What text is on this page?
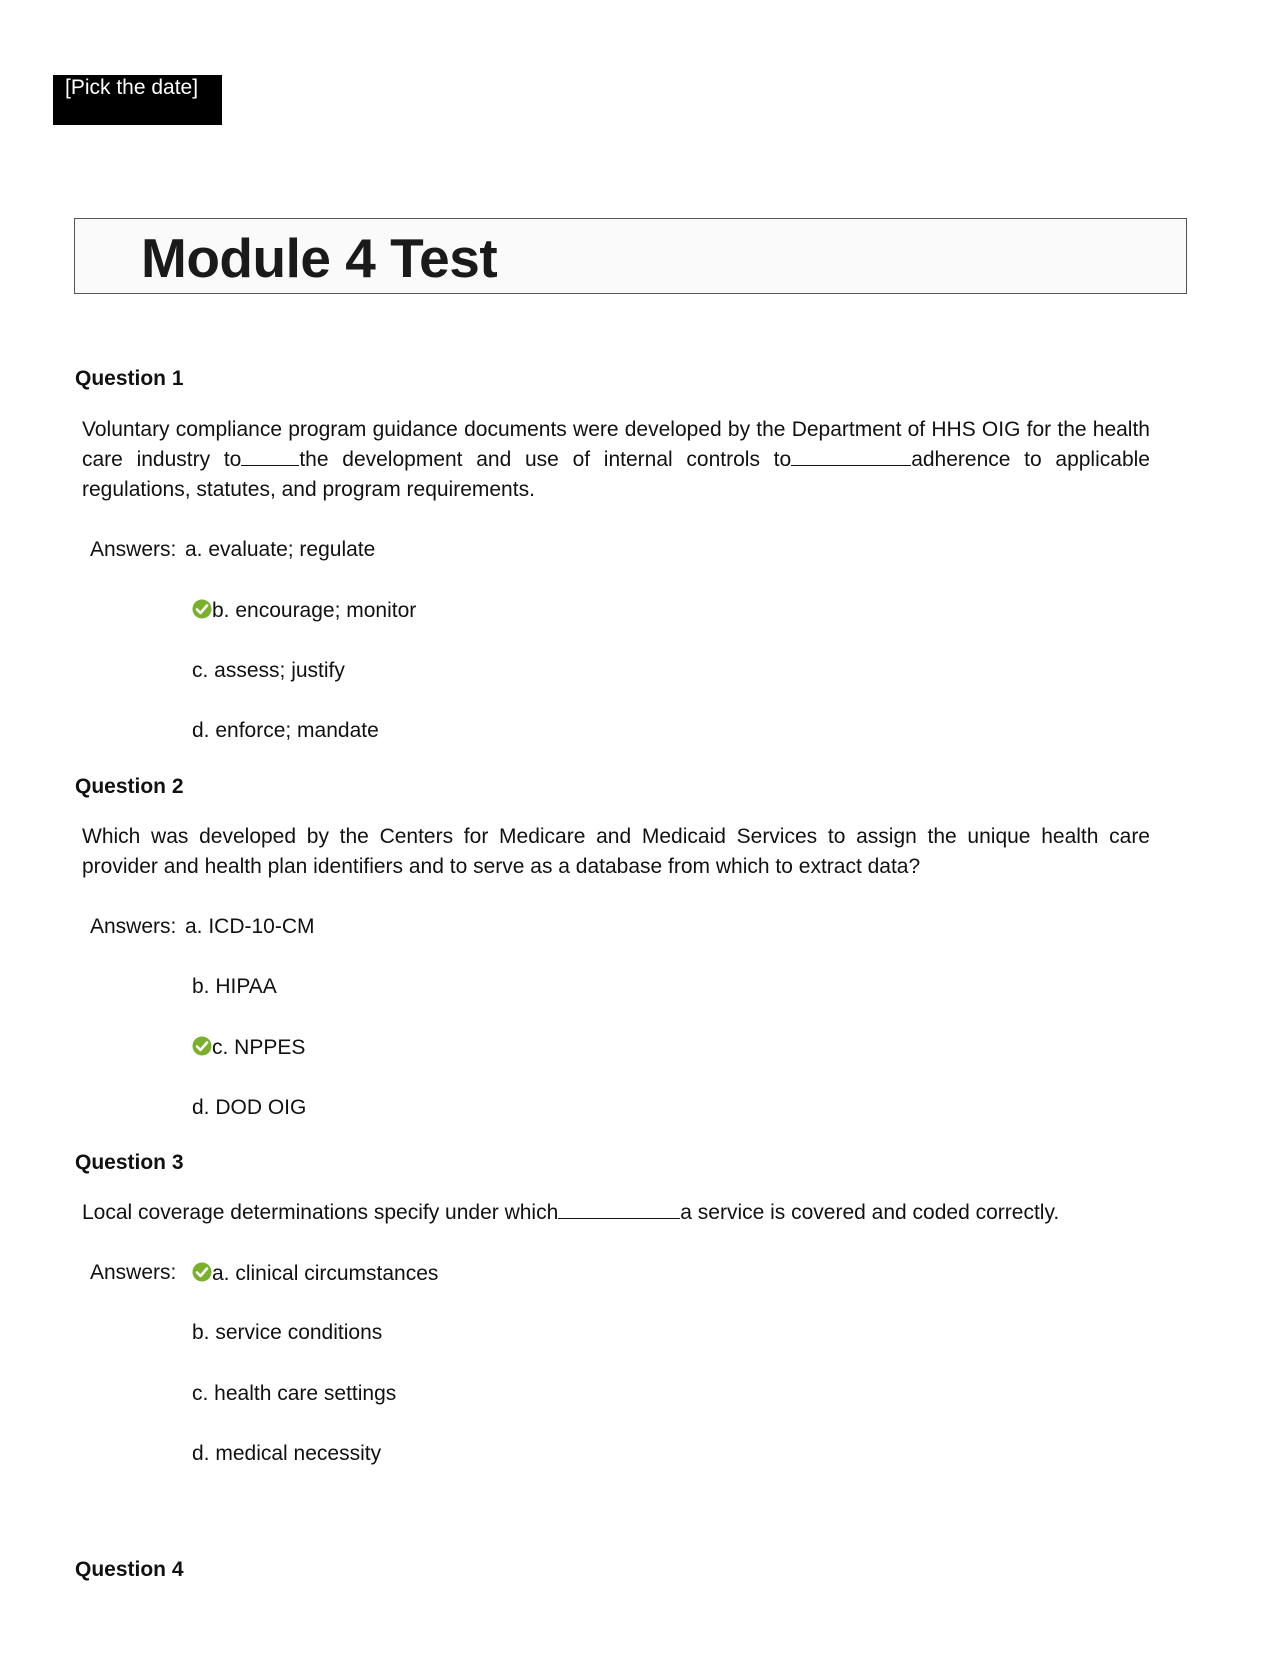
[Pick the date]
Module 4 Test
Question 1
Voluntary compliance program guidance documents were developed by the Department of HHS OIG for the health care industry to	the development and use of internal controls to	adherence to applicable regulations, statutes, and program requirements.
Answers: a. evaluate; regulate
b. encourage; monitor
c. assess; justify
d. enforce; mandate
Question 2
Which was developed by the Centers for Medicare and Medicaid Services to assign the unique health care provider and health plan identifiers and to serve as a database from which to extract data?
Answers: a. ICD-10-CM
b. HIPAA
c. NPPES
d. DOD OIG
Question 3
Local coverage determinations specify under which	a service is covered and coded correctly.
Answers:	a. clinical circumstances
b. service conditions
c. health care settings
d. medical necessity
Question 4
